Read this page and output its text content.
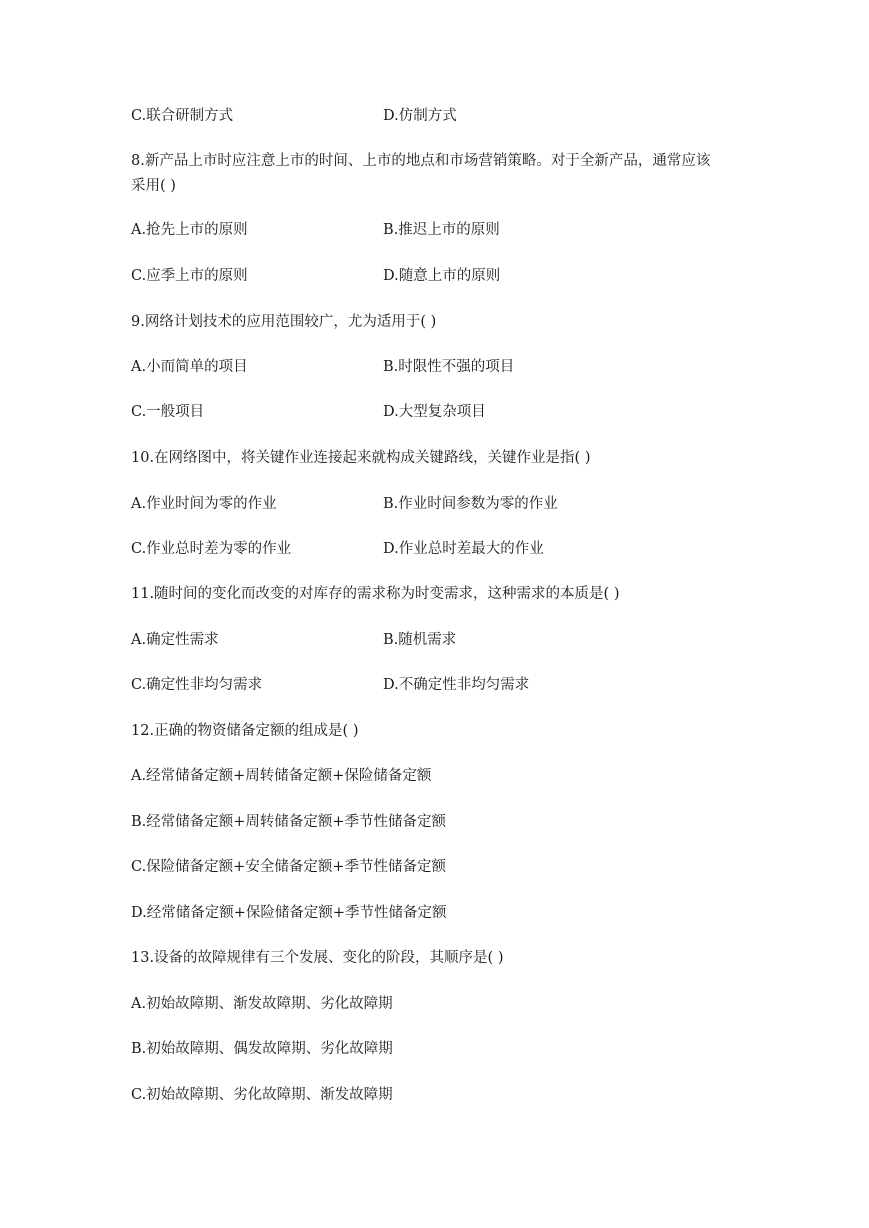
C.联合研制方式	D.仿制方式
8.新产品上市时应注意上市的时间、上市的地点和市场营销策略。对于全新产品，通常应该
采用( )
A.抢先上市的原则	B.推迟上市的原则
C.应季上市的原则	D.随意上市的原则
9.网络计划技术的应用范围较广，尤为适用于( )
A.小而简单的项目	B.时限性不强的项目
C.一般项目	D.大型复杂项目
10.在网络图中，将关键作业连接起来就构成关键路线，关键作业是指( )
A.作业时间为零的作业	B.作业时间参数为零的作业
C.作业总时差为零的作业	D.作业总时差最大的作业
11.随时间的变化而改变的对库存的需求称为时变需求，这种需求的本质是( )
A.确定性需求	B.随机需求
C.确定性非均匀需求	D.不确定性非均匀需求
12.正确的物资储备定额的组成是( )
A.经常储备定额+周转储备定额+保险储备定额
B.经常储备定额+周转储备定额+季节性储备定额
C.保险储备定额+安全储备定额+季节性储备定额
D.经常储备定额+保险储备定额+季节性储备定额
13.设备的故障规律有三个发展、变化的阶段，其顺序是( )
A.初始故障期、渐发故障期、劣化故障期
B.初始故障期、偶发故障期、劣化故障期
C.初始故障期、劣化故障期、渐发故障期
